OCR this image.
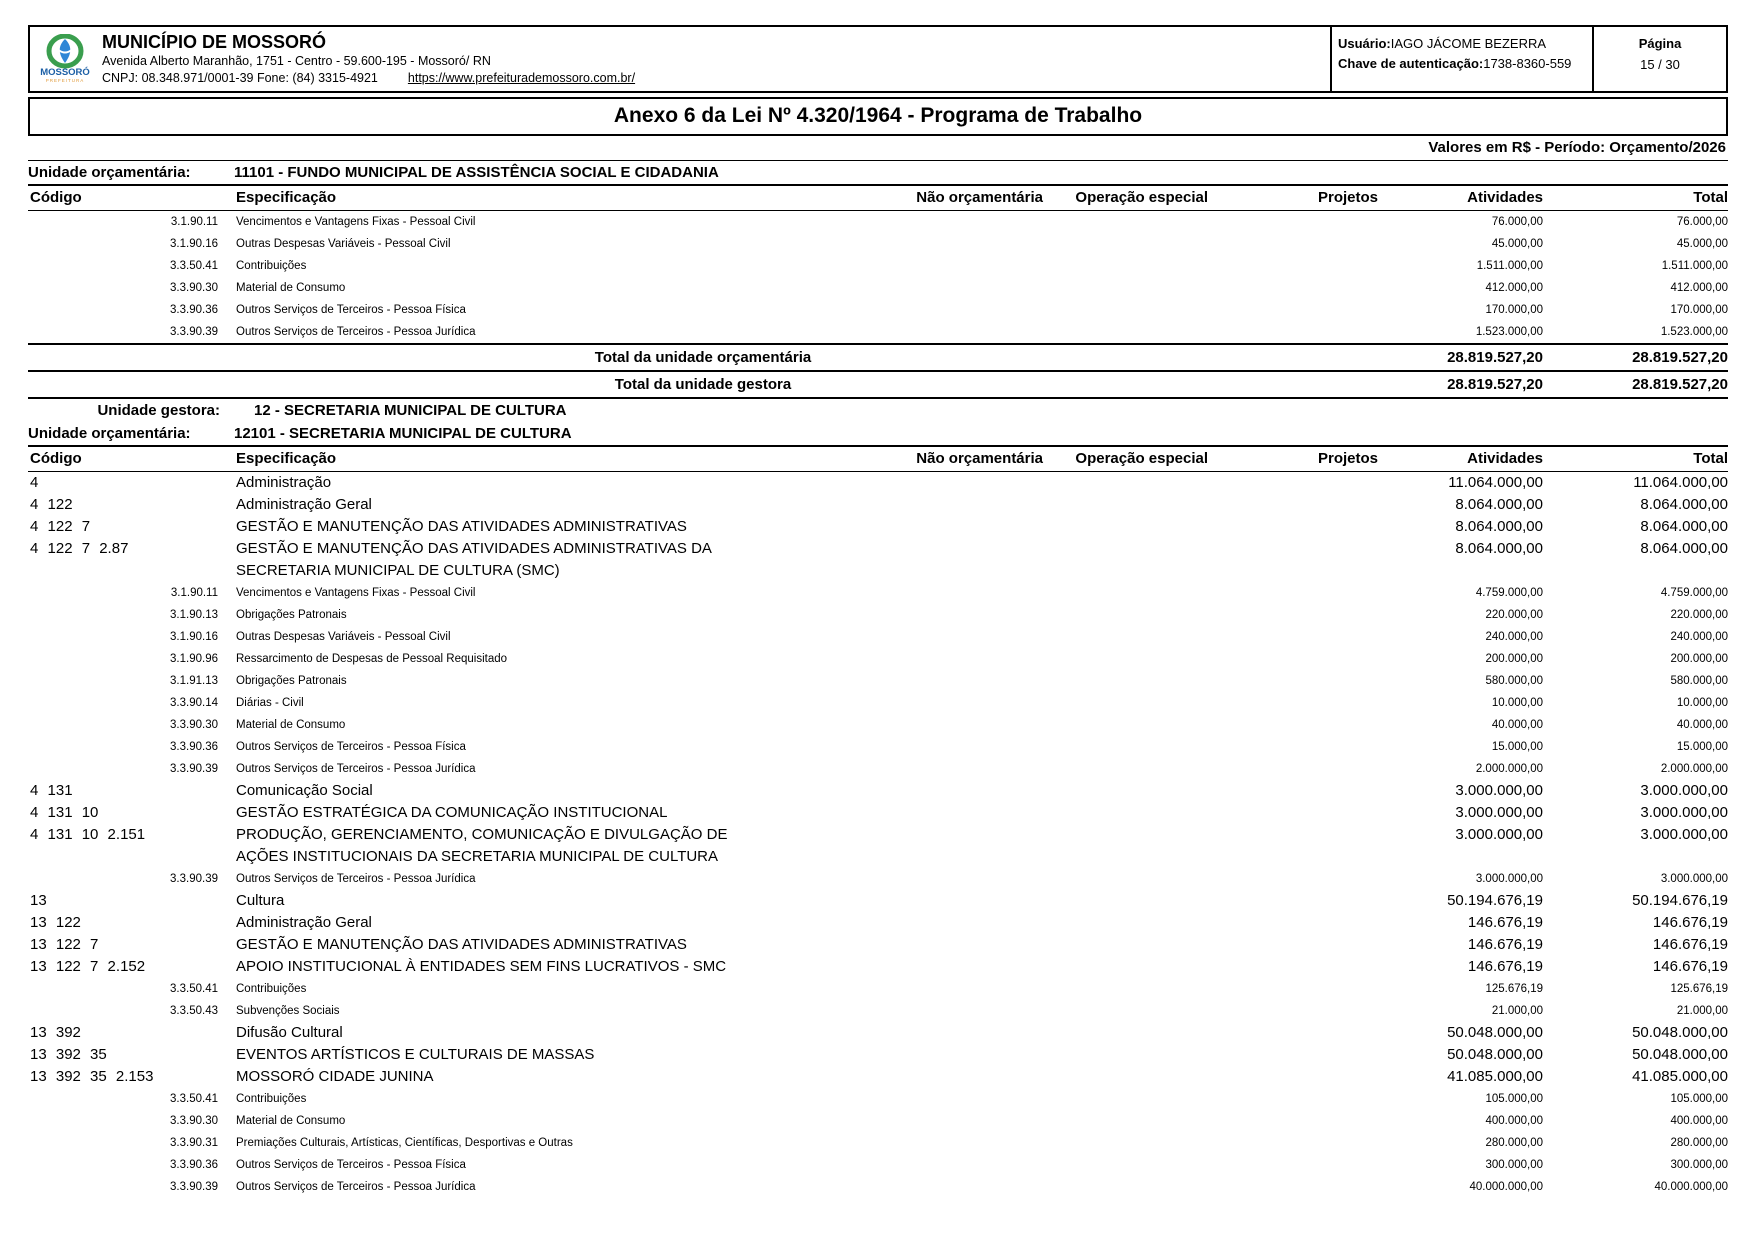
MOSSORÓ
PREFEITURA
MUNICÍPIO DE MOSSORÓ
Avenida Alberto Maranhão, 1751 - Centro - 59.600-195 - Mossoró/ RN
CNPJ: 08.348.971/0001-39 Fone: (84) 3315-4921 https://www.prefeiturademossoro.com.br/
Usuário:IAGO JÁCOME BEZERRA
Chave de autenticação:1738-8360-559
Página
15 / 30
Anexo 6 da Lei Nº 4.320/1964 - Programa de Trabalho
Valores em R$ - Período: Orçamento/2026
Unidade orçamentária:	11101 - FUNDO MUNICIPAL DE ASSISTÊNCIA SOCIAL E CIDADANIA
Código	Especificação	Não orçamentária	Operação especial	Projetos	Atividades	Total
3.1.90.11	Vencimentos e Vantagens Fixas - Pessoal Civil	76.000,00	76.000,00
3.1.90.16	Outras Despesas Variáveis - Pessoal Civil	45.000,00	45.000,00
3.3.50.41	Contribuições	1.511.000,00	1.511.000,00
3.3.90.30	Material de Consumo	412.000,00	412.000,00
3.3.90.36	Outros Serviços de Terceiros - Pessoa Física	170.000,00	170.000,00
3.3.90.39	Outros Serviços de Terceiros - Pessoa Jurídica	1.523.000,00	1.523.000,00
Total da unidade orçamentária	28.819.527,20	28.819.527,20
Total da unidade gestora	28.819.527,20	28.819.527,20
Unidade gestora:	12 - SECRETARIA MUNICIPAL DE CULTURA
Unidade orçamentária:	12101 - SECRETARIA MUNICIPAL DE CULTURA
Código	Especificação	Não orçamentária	Operação especial	Projetos	Atividades	Total
4	Administração	11.064.000,00	11.064.000,00
4 122	Administração Geral	8.064.000,00	8.064.000,00
4 122 7	GESTÃO E MANUTENÇÃO DAS ATIVIDADES ADMINISTRATIVAS	8.064.000,00	8.064.000,00
4 122 7 2.87	GESTÃO E MANUTENÇÃO DAS ATIVIDADES ADMINISTRATIVAS DA SECRETARIA MUNICIPAL DE CULTURA (SMC)
8.064.000,00	8.064.000,00
3.1.90.11	Vencimentos e Vantagens Fixas - Pessoal Civil	4.759.000,00	4.759.000,00
3.1.90.13	Obrigações Patronais	220.000,00	220.000,00
3.1.90.16	Outras Despesas Variáveis - Pessoal Civil	240.000,00	240.000,00
3.1.90.96	Ressarcimento de Despesas de Pessoal Requisitado	200.000,00	200.000,00
3.1.91.13	Obrigações Patronais	580.000,00	580.000,00
3.3.90.14	Diárias - Civil	10.000,00	10.000,00
3.3.90.30	Material de Consumo	40.000,00	40.000,00
3.3.90.36	Outros Serviços de Terceiros - Pessoa Física	15.000,00	15.000,00
3.3.90.39	Outros Serviços de Terceiros - Pessoa Jurídica	2.000.000,00	2.000.000,00
4 131	Comunicação Social	3.000.000,00	3.000.000,00
4 131 10	GESTÃO ESTRATÉGICA DA COMUNICAÇÃO INSTITUCIONAL	3.000.000,00	3.000.000,00
4 131 10 2.151	PRODUÇÃO, GERENCIAMENTO, COMUNICAÇÃO E DIVULGAÇÃO DE AÇÕES INSTITUCIONAIS DA SECRETARIA MUNICIPAL DE CULTURA
3.000.000,00	3.000.000,00
3.3.90.39	Outros Serviços de Terceiros - Pessoa Jurídica	3.000.000,00	3.000.000,00
13	Cultura	50.194.676,19	50.194.676,19
13 122	Administração Geral	146.676,19	146.676,19
13 122 7	GESTÃO E MANUTENÇÃO DAS ATIVIDADES ADMINISTRATIVAS	146.676,19	146.676,19
13 122 7 2.152	APOIO INSTITUCIONAL À ENTIDADES SEM FINS LUCRATIVOS - SMC	146.676,19	146.676,19
3.3.50.41	Contribuições	125.676,19	125.676,19
3.3.50.43	Subvenções Sociais	21.000,00	21.000,00
13 392	Difusão Cultural	50.048.000,00	50.048.000,00
13 392 35	EVENTOS ARTÍSTICOS E CULTURAIS DE MASSAS	50.048.000,00	50.048.000,00
13 392 35 2.153	MOSSORÓ CIDADE JUNINA	41.085.000,00	41.085.000,00
3.3.50.41	Contribuições	105.000,00	105.000,00
3.3.90.30	Material de Consumo	400.000,00	400.000,00
3.3.90.31	Premiações Culturais, Artísticas, Científicas, Desportivas e Outras	280.000,00	280.000,00
3.3.90.36	Outros Serviços de Terceiros - Pessoa Física	300.000,00	300.000,00
3.3.90.39	Outros Serviços de Terceiros - Pessoa Jurídica	40.000.000,00	40.000.000,00
